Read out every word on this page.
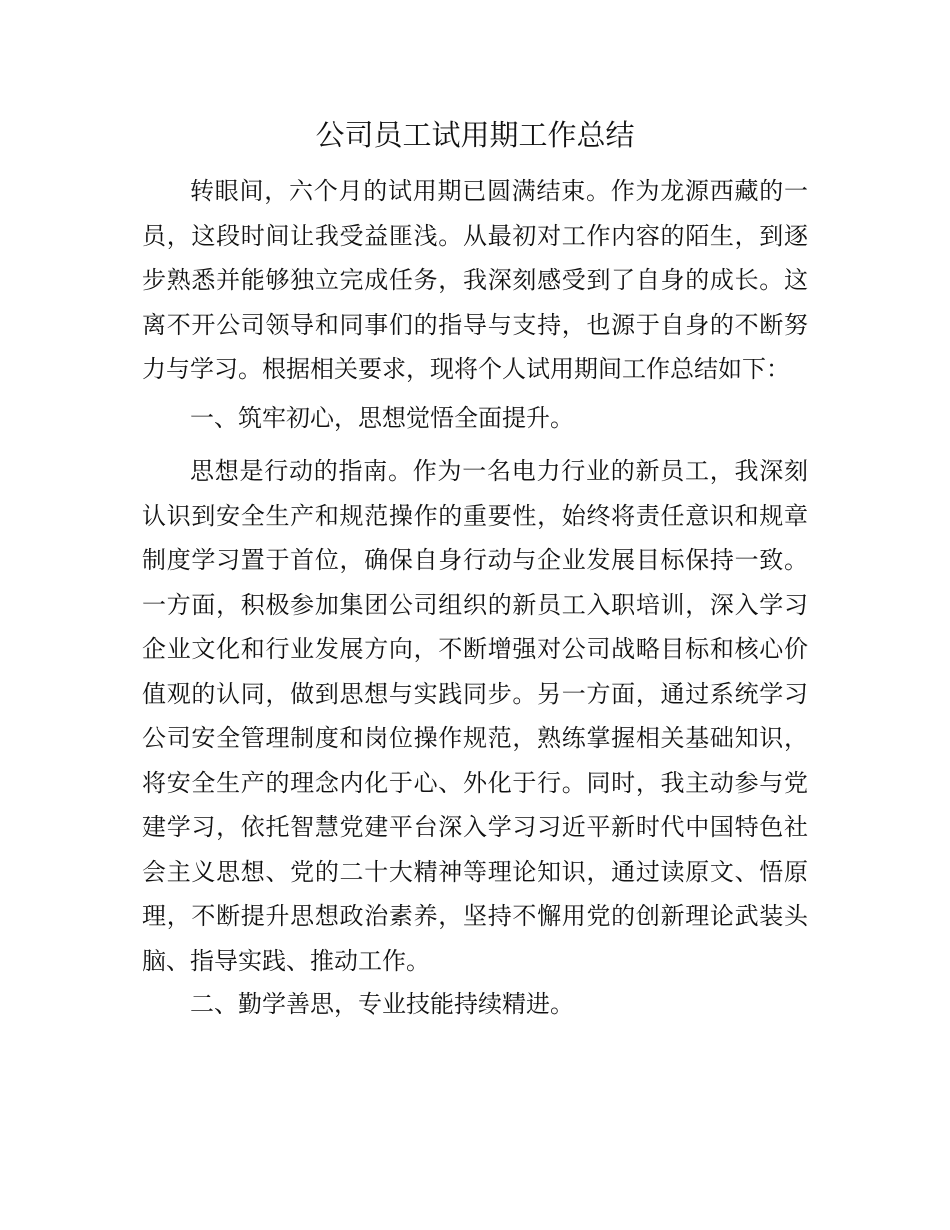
公司员工试用期工作总结

转眼间，六个月的试用期已圆满结束。作为龙源西藏的一员，这段时间让我受益匪浅。从最初对工作内容的陌生，到逐步熟悉并能够独立完成任务，我深刻感受到了自身的成长。这离不开公司领导和同事们的指导与支持，也源于自身的不断努力与学习。根据相关要求，现将个人试用期间工作总结如下：

一、筑牢初心，思想觉悟全面提升。

思想是行动的指南。作为一名电力行业的新员工，我深刻认识到安全生产和规范操作的重要性，始终将责任意识和规章制度学习置于首位，确保自身行动与企业发展目标保持一致。一方面，积极参加集团公司组织的新员工入职培训，深入学习企业文化和行业发展方向，不断增强对公司战略目标和核心价值观的认同，做到思想与实践同步。另一方面，通过系统学习公司安全管理制度和岗位操作规范，熟练掌握相关基础知识，将安全生产的理念内化于心、外化于行。同时，我主动参与党建学习，依托智慧党建平台深入学习习近平新时代中国特色社会主义思想、党的二十大精神等理论知识，通过读原文、悟原理，不断提升思想政治素养，坚持不懈用党的创新理论武装头脑、指导实践、推动工作。

二、勤学善思，专业技能持续精进。
